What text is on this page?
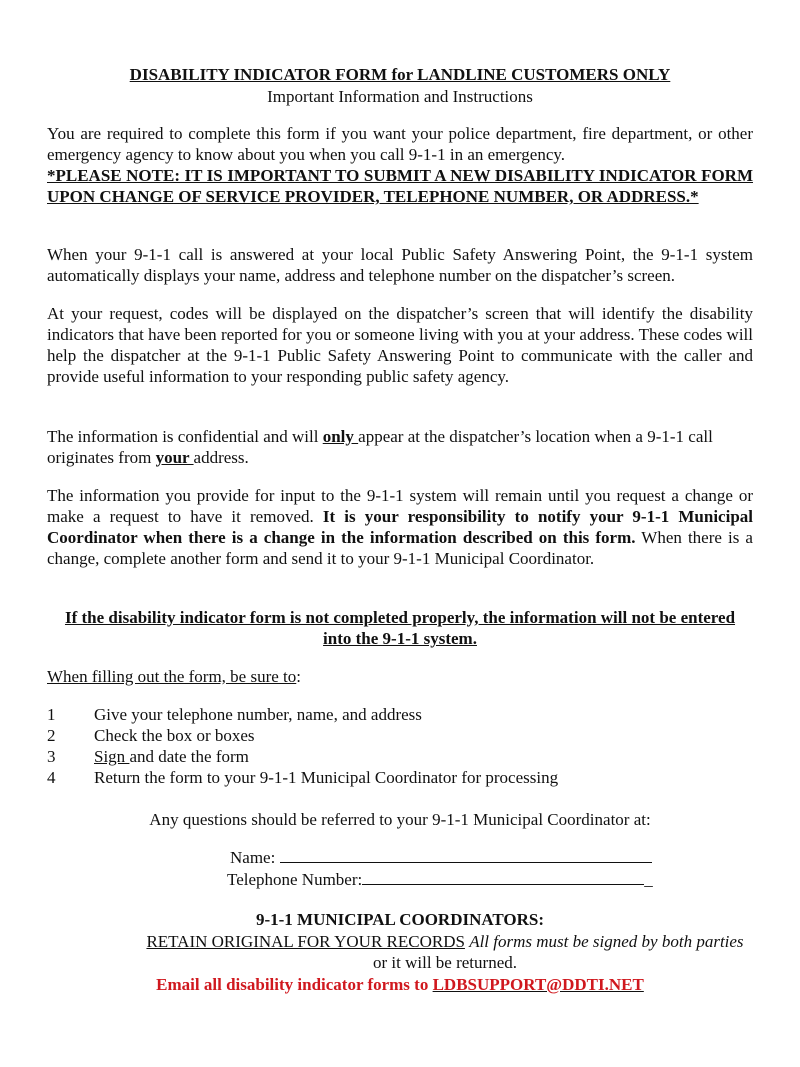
DISABILITY INDICATOR FORM for LANDLINE CUSTOMERS ONLY
Important Information and Instructions
You are required to complete this form if you want your police department, fire department, or other emergency agency to know about you when you call 9-1-1 in an emergency.
*PLEASE NOTE: IT IS IMPORTANT TO SUBMIT A NEW DISABILITY INDICATOR FORM UPON CHANGE OF SERVICE PROVIDER, TELEPHONE NUMBER, OR ADDRESS.*
When your 9-1-1 call is answered at your local Public Safety Answering Point, the 9-1-1 system automatically displays your name, address and telephone number on the dispatcher’s screen.
At your request, codes will be displayed on the dispatcher’s screen that will identify the disability indicators that have been reported for you or someone living with you at your address. These codes will help the dispatcher at the 9-1-1 Public Safety Answering Point to communicate with the caller and provide useful information to your responding public safety agency.
The information is confidential and will only appear at the dispatcher’s location when a 9-1-1 call originates from your address.
The information you provide for input to the 9-1-1 system will remain until you request a change or make a request to have it removed. It is your responsibility to notify your 9-1-1 Municipal Coordinator when there is a change in the information described on this form. When there is a change, complete another form and send it to your 9-1-1 Municipal Coordinator.
If the disability indicator form is not completed properly, the information will not be entered into the 9-1-1 system.
When filling out the form, be sure to:
1	Give your telephone number, name, and address
2	Check the box or boxes
3	Sign and date the form
4	Return the form to your 9-1-1 Municipal Coordinator for processing
Any questions should be referred to your 9-1-1 Municipal Coordinator at:
Name:
Telephone Number:	_
9-1-1 MUNICIPAL COORDINATORS:
RETAIN ORIGINAL FOR YOUR RECORDS All forms must be signed by both parties or it will be returned.
Email all disability indicator forms to LDBSUPPORT@DDTI.NET
